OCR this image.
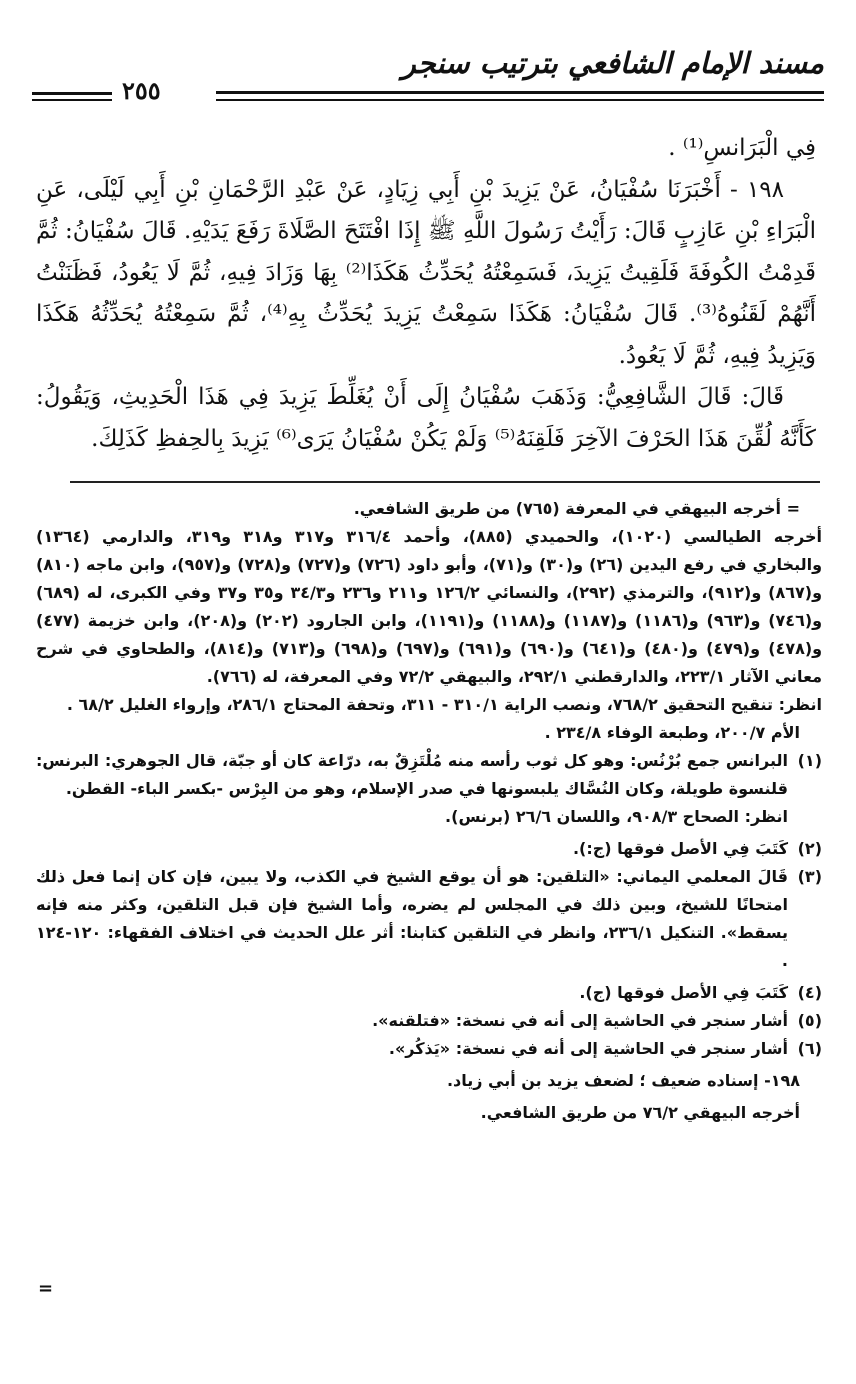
مسند الإمام الشافعي بترتيب سنجر
٢٥٥

فِي الْبَرَانسِ⁽¹⁾ .

١٩٨ - أَخْبَرَنَا سُفْيَانُ، عَنْ يَزِيدَ بْنِ أَبِي زِيَادٍ، عَنْ عَبْدِ الرَّحْمَانِ بْنِ أَبِي لَيْلَى، عَنِ الْبَرَاءِ بْنِ عَازِبٍ قَالَ: رَأَيْتُ رَسُولَ اللَّهِ ﷺ إِذَا افْتَتَحَ الصَّلَاةَ رَفَعَ يَدَيْهِ. قَالَ سُفْيَانُ: ثُمَّ قَدِمْتُ الكُوفَةَ فَلَقِيتُ يَزِيدَ، فَسَمِعْتُهُ يُحَدِّثُ هَكَذَا⁽²⁾ بِهَا وَزَادَ فِيهِ، ثُمَّ لَا يَعُودُ، فَظَنَنْتُ أَنَّهُمْ لَقَنُوهُ⁽³⁾. قَالَ سُفْيَانُ: هَكَذَا سَمِعْتُ يَزِيدَ يُحَدِّثُ بِهِ⁽⁴⁾، ثُمَّ سَمِعْتُهُ يُحَدِّثُهُ هَكَذَا وَيَزِيدُ فِيهِ، ثُمَّ لَا يَعُودُ.

قَالَ: قَالَ الشَّافِعِيُّ: وَذَهَبَ سُفْيَانُ إِلَى أَنْ يُغَلِّطَ يَزِيدَ فِي هَذَا الْحَدِيثِ، وَيَقُولُ: كَأَنَّهُ لُقِّنَ هَذَا الحَرْفَ الآخِرَ فَلَقِنَهُ⁽⁵⁾ وَلَمْ يَكُنْ سُفْيَانُ يَرَى⁽⁶⁾ يَزِيدَ بِالحِفظِ كَذَلِكَ.

= أخرجه البيهقي في المعرفة (٧٦٥) من طريق الشافعي.

أخرجه الطيالسي (١٠٢٠)، والحميدي (٨٨٥)، وأحمد ٣١٦/٤ و٣١٧ و٣١٨ و٣١٩، والدارمي (١٣٦٤) والبخاري في رفع اليدين (٢٦) و(٣٠) و(٧١)، وأبو داود (٧٢٦) و(٧٢٧) و(٧٢٨) و(٩٥٧)، وابن ماجه (٨١٠) و(٨٦٧) و(٩١٢)، والترمذي (٢٩٢)، والنسائي ١٢٦/٢ و٢١١ و٢٣٦ و٣٤/٣ و٣٥ و٣٧ وفي الكبرى، له (٦٨٩) و(٧٤٦) و(٩٦٣) و(١١٨٦) و(١١٨٧) و(١١٨٨) و(١١٩١)، وابن الجارود (٢٠٢) و(٢٠٨)، وابن خزيمة (٤٧٧) و(٤٧٨) و(٤٧٩) و(٤٨٠) و(٦٤١) و(٦٩٠) و(٦٩١) و(٦٩٧) و(٦٩٨) و(٧١٣) و(٨١٤)، والطحاوي في شرح معاني الآثار ٢٢٣/١، والدارقطني ٢٩٢/١، والبيهقي ٧٢/٢ وفي المعرفة، له (٧٦٦).

انظر: تنقيح التحقيق ٧٦٨/٢، ونصب الراية ٣١٠/١ - ٣١١، وتحفة المحتاج ٢٨٦/١، وإرواء الغليل ٦٨/٢ .

الأم ٢٠٠/٧، وطبعة الوفاء ٢٣٤/٨ .

(١)
البرانس جمع بُرْنُس: وهو كل ثوب رأسه منه مُلْتَزِقٌ به، درّاعة كان أو جبّة، قال الجوهري: البرنس: قلنسوة طويلة، وكان النُسَّاك يلبسونها في صدر الإسلام، وهو من البِرْس -بكسر الباء- القطن.
انظر: الصحاح ٩٠٨/٣، واللسان ٢٦/٦ (برنس).
(٢)
كَتَبَ فِي الأصل فوقها (ج:).
(٣)
قَالَ المعلمي اليماني: «التلقين: هو أن يوقع الشيخ في الكذب، ولا يبين، فإن كان إنما فعل ذلك امتحانًا للشيخ، وبين ذلك في المجلس لم يضره، وأما الشيخ فإن قبل التلقين، وكثر منه فإنه يسقط». التنكيل ٢٣٦/١، وانظر في التلقين كتابنا: أثر علل الحديث في اختلاف الفقهاء: ١٢٠-١٢٤ .
(٤)
كَتَبَ فِي الأصل فوقها (ج).
(٥)
أشار سنجر في الحاشية إلى أنه في نسخة: «فتلقنه».
(٦)
أشار سنجر في الحاشية إلى أنه في نسخة: «يَذكُر».

١٩٨- إسناده ضعيف ؛ لضعف يزيد بن أبي زياد.

أخرجه البيهقي ٧٦/٢ من طريق الشافعي.

=
